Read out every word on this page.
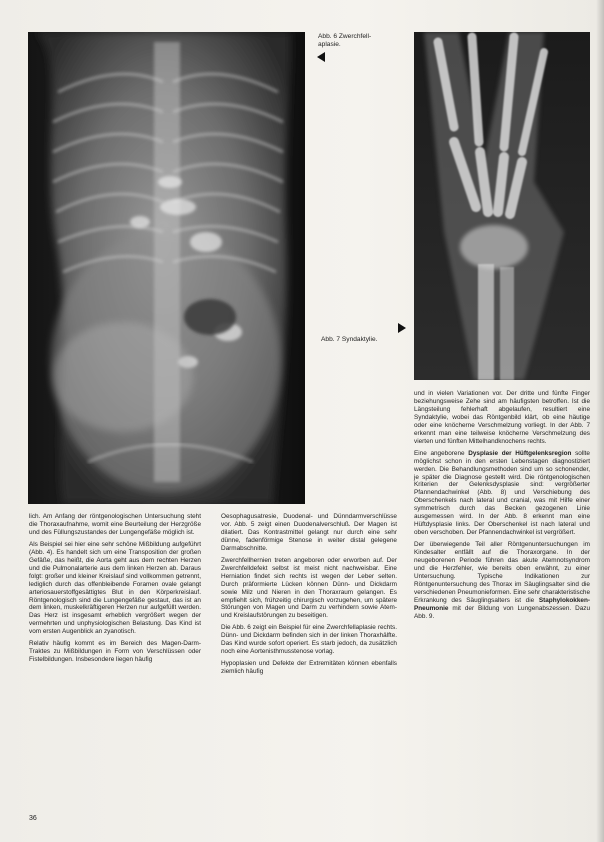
Abb. 6 Zwerchfell-
aplasie.
Abb. 7 Syndaktylie.

und in vielen Variationen vor. Der dritte und fünfte Finger beziehungsweise Zehe sind am häufigsten betroffen. Ist die Längsteilung fehlerhaft abgelaufen, resultiert eine Syndaktylie, wobei das Röntgenbild klärt, ob eine häutige oder eine knöcherne Verschmelzung vorliegt. In der Abb. 7 erkennt man eine teilweise knöcherne Verschmelzung des vierten und fünften Mittelhandknochens rechts.

Eine angeborene Dysplasie der Hüftgelenksregion sollte möglichst schon in den ersten Lebenstagen diagnostiziert werden. Die Behandlungsmethoden sind um so schonender, je später die Diagnose gestellt wird. Die röntgenologischen Kriterien der Gelenksdysplasie sind: vergrößerter Pfannendachwinkel (Abb. 8) und Verschiebung des Oberschenkels nach lateral und cranial, was mit Hilfe einer symmetrisch durch das Becken gezogenen Linie ausgemessen wird. In der Abb. 8 erkennt man eine Hüftdysplasie links. Der Oberschenkel ist nach lateral und oben verschoben. Der Pfannendachwinkel ist vergrößert.

Der überwiegende Teil aller Röntgenuntersuchungen im Kindesalter entfällt auf die Thoraxorgane. In der neugeborenen Periode führen das akute Atemnotsyndrom und die Herzfehler, wie bereits oben erwähnt, zu einer Untersuchung. Typische Indikationen zur Röntgenuntersuchung des Thorax im Säuglingsalter sind die verschiedenen Pneumonieformen. Eine sehr charakteristische Erkrankung des Säuglingsalters ist die Staphylokokken-Pneumonie mit der Bildung von Lungenabszessen. Dazu Abb. 9.

lich. Am Anfang der röntgenologischen Untersuchung steht die Thoraxaufnahme, womit eine Beurteilung der Herzgröße und des Füllungszustandes der Lungengefäße möglich ist.

Als Beispiel sei hier eine sehr schöne Mißbildung aufgeführt (Abb. 4). Es handelt sich um eine Transposition der großen Gefäße, das heißt, die Aorta geht aus dem rechten Herzen und die Pulmonalarterie aus dem linken Herzen ab. Daraus folgt: großer und kleiner Kreislauf sind vollkommen getrennt, lediglich durch das offenbleibende Foramen ovale gelangt arteriosauerstoffgesättigtes Blut in den Körperkreislauf. Röntgenologisch sind die Lungengefäße gestaut, das ist an dem linken, muskelkräftigeren Herzen nur aufgefüllt werden. Das Herz ist insgesamt erheblich vergrößert wegen der vermehrten und unphysiologischen Belastung. Das Kind ist vom ersten Augenblick an zyanotisch.

Relativ häufig kommt es im Bereich des Magen-Darm-Traktes zu Mißbildungen in Form von Verschlüssen oder Fistelbildungen. Insbesondere liegen häufig

Oesophagusatresie, Duodenal- und Dünndarmverschlüsse vor. Abb. 5 zeigt einen Duodenalverschluß. Der Magen ist dilatiert. Das Kontrastmittel gelangt nur durch eine sehr dünne, fadenförmige Stenose in weiter distal gelegene Darmabschnitte.

Zwerchfellhernien treten angeboren oder erworben auf. Der Zwerchfelldefekt selbst ist meist nicht nachweisbar. Eine Herniation findet sich rechts ist wegen der Leber selten. Durch präformierte Lücken können Dünn- und Dickdarm sowie Milz und Nieren in den Thoraxraum gelangen. Es empfiehlt sich, frühzeitig chirurgisch vorzugehen, um spätere Störungen von Magen und Darm zu verhindern sowie Atem- und Kreislaufstörungen zu beseitigen.

Die Abb. 6 zeigt ein Beispiel für eine Zwerchfellaplasie rechts. Dünn- und Dickdarm befinden sich in der linken Thoraxhälfte. Das Kind wurde sofort operiert. Es starb jedoch, da zusätzlich noch eine Aortenisthmusstenose vorlag.

Hypoplasien und Defekte der Extremitäten können ebenfalls ziemlich häufig

36
